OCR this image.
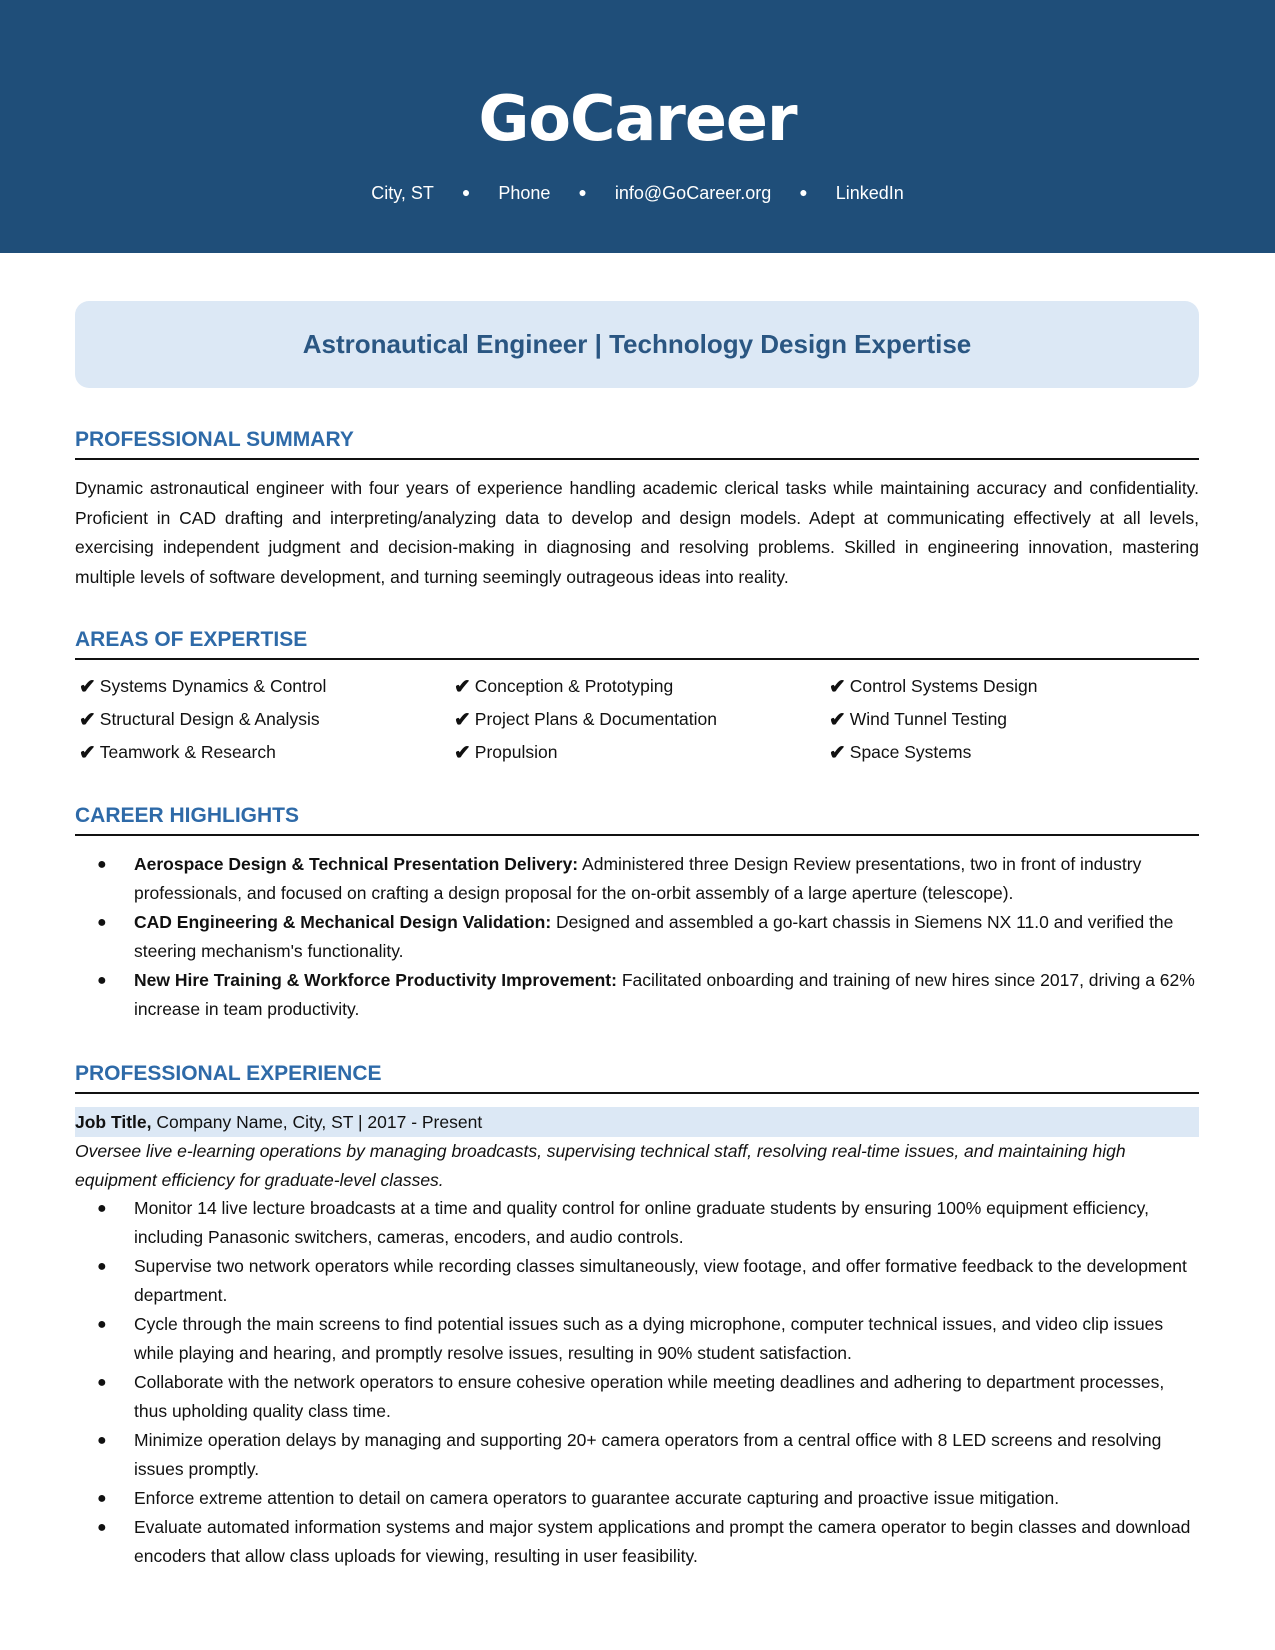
GoCareer
City, ST ● Phone ● info@GoCareer.org ● LinkedIn
Astronautical Engineer | Technology Design Expertise
PROFESSIONAL SUMMARY
Dynamic astronautical engineer with four years of experience handling academic clerical tasks while maintaining accuracy and confidentiality. Proficient in CAD drafting and interpreting/analyzing data to develop and design models. Adept at communicating effectively at all levels, exercising independent judgment and decision-making in diagnosing and resolving problems. Skilled in engineering innovation, mastering multiple levels of software development, and turning seemingly outrageous ideas into reality.
AREAS OF EXPERTISE
✔ Systems Dynamics & Control	✔ Conception & Prototyping	✔ Control Systems Design
✔ Structural Design & Analysis	✔ Project Plans & Documentation	✔ Wind Tunnel Testing
✔ Teamwork & Research	✔ Propulsion	✔ Space Systems
CAREER HIGHLIGHTS
● Aerospace Design & Technical Presentation Delivery: Administered three Design Review presentations, two in front of industry professionals, and focused on crafting a design proposal for the on-orbit assembly of a large aperture (telescope).
● CAD Engineering & Mechanical Design Validation: Designed and assembled a go-kart chassis in Siemens NX 11.0 and verified the steering mechanism's functionality.
● New Hire Training & Workforce Productivity Improvement: Facilitated onboarding and training of new hires since 2017, driving a 62% increase in team productivity.
PROFESSIONAL EXPERIENCE
Job Title, Company Name, City, ST | 2017 - Present
Oversee live e-learning operations by managing broadcasts, supervising technical staff, resolving real-time issues, and maintaining high equipment efficiency for graduate-level classes.
● Monitor 14 live lecture broadcasts at a time and quality control for online graduate students by ensuring 100% equipment efficiency, including Panasonic switchers, cameras, encoders, and audio controls.
● Supervise two network operators while recording classes simultaneously, view footage, and offer formative feedback to the development department.
● Cycle through the main screens to find potential issues such as a dying microphone, computer technical issues, and video clip issues while playing and hearing, and promptly resolve issues, resulting in 90% student satisfaction.
● Collaborate with the network operators to ensure cohesive operation while meeting deadlines and adhering to department processes, thus upholding quality class time.
● Minimize operation delays by managing and supporting 20+ camera operators from a central office with 8 LED screens and resolving issues promptly.
● Enforce extreme attention to detail on camera operators to guarantee accurate capturing and proactive issue mitigation.
● Evaluate automated information systems and major system applications and prompt the camera operator to begin classes and download encoders that allow class uploads for viewing, resulting in user feasibility.
